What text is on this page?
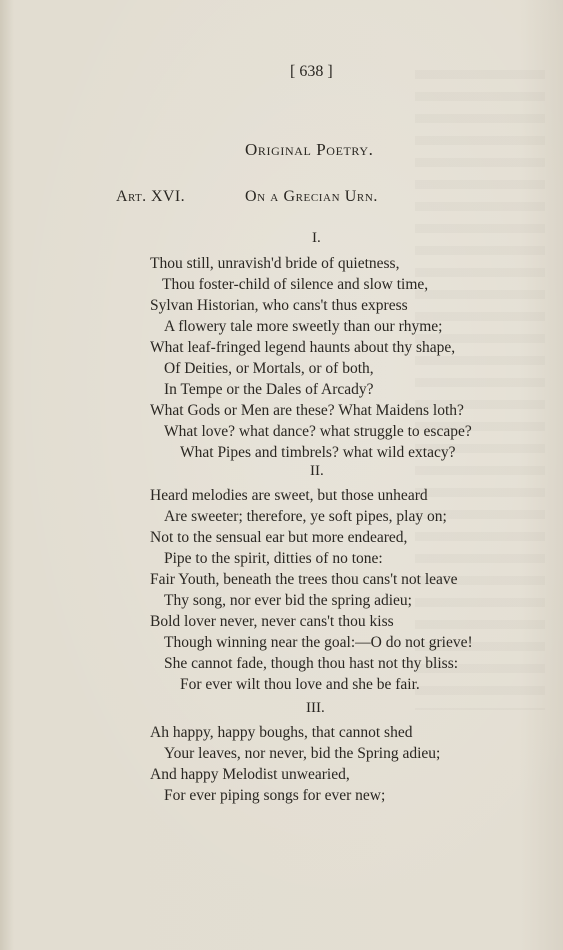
[ 638 ]
Original Poetry.
Art. XVI.	On a Grecian Urn.
I.
Thou still, unravish'd bride of quietness,
Thou foster-child of silence and slow time,
Sylvan Historian, who cans't thus express
A flowery tale more sweetly than our rhyme;
What leaf-fringed legend haunts about thy shape,
Of Deities, or Mortals, or of both,
In Tempe or the Dales of Arcady?
What Gods or Men are these? What Maidens loth?
What love? what dance? what struggle to escape?
What Pipes and timbrels? what wild extacy?
II.
Heard melodies are sweet, but those unheard
Are sweeter; therefore, ye soft pipes, play on;
Not to the sensual ear but more endeared,
Pipe to the spirit, ditties of no tone:
Fair Youth, beneath the trees thou cans't not leave
Thy song, nor ever bid the spring adieu;
Bold lover never, never cans't thou kiss
Though winning near the goal:—O do not grieve!
She cannot fade, though thou hast not thy bliss:
For ever wilt thou love and she be fair.
III.
Ah happy, happy boughs, that cannot shed
Your leaves, nor never, bid the Spring adieu;
And happy Melodist unwearied,
For ever piping songs for ever new;
